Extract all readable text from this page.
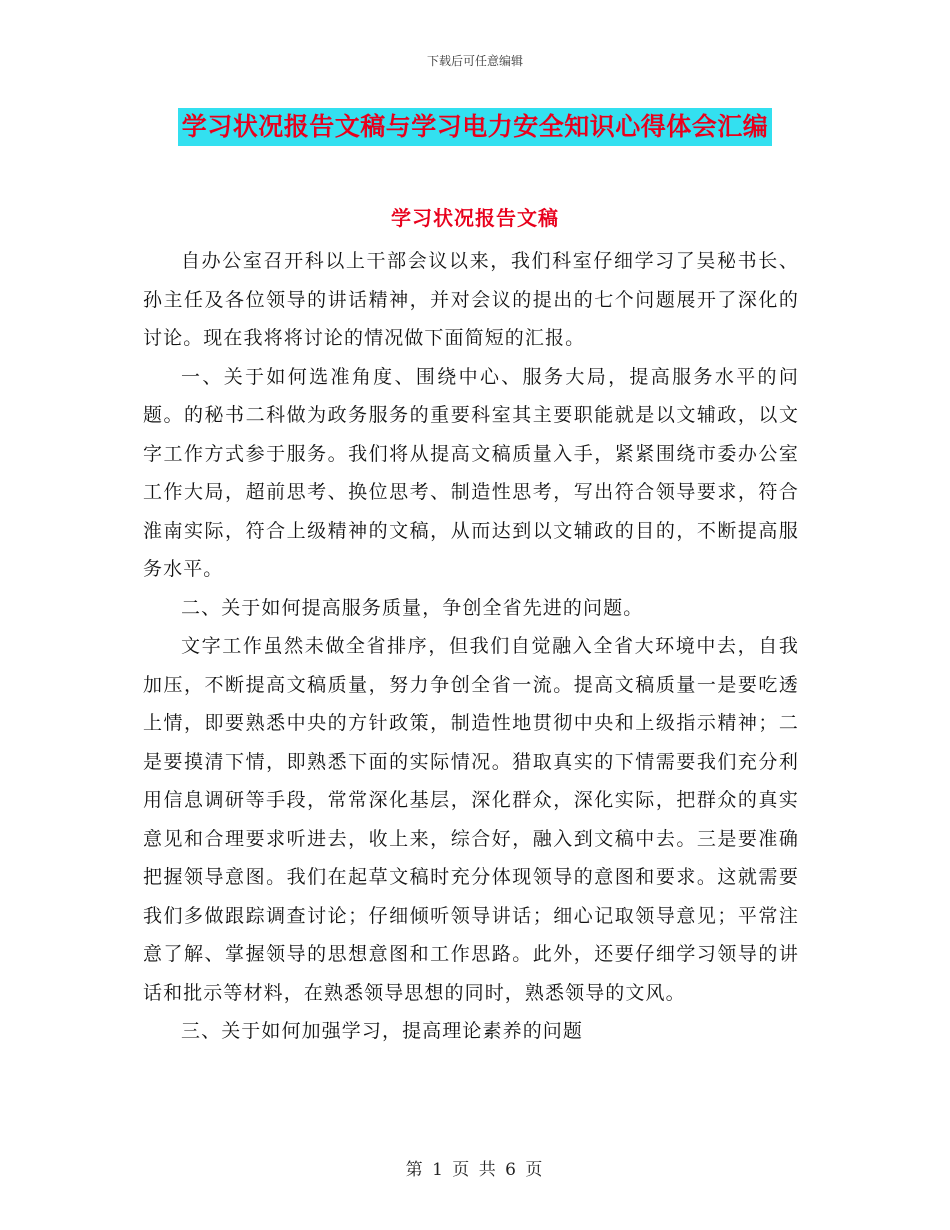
下载后可任意编辑
学习状况报告文稿与学习电力安全知识心得体会汇编
学习状况报告文稿

自办公室召开科以上干部会议以来，我们科室仔细学习了吴秘书长、孙主任及各位领导的讲话精神，并对会议的提出的七个问题展开了深化的讨论。现在我将将讨论的情况做下面简短的汇报。

一、关于如何选准角度、围绕中心、服务大局，提高服务水平的问题。的秘书二科做为政务服务的重要科室其主要职能就是以文辅政，以文字工作方式参于服务。我们将从提高文稿质量入手，紧紧围绕市委办公室工作大局，超前思考、换位思考、制造性思考，写出符合领导要求，符合淮南实际，符合上级精神的文稿，从而达到以文辅政的目的，不断提高服务水平。

二、关于如何提高服务质量，争创全省先进的问题。

文字工作虽然未做全省排序，但我们自觉融入全省大环境中去，自我加压，不断提高文稿质量，努力争创全省一流。提高文稿质量一是要吃透上情，即要熟悉中央的方针政策，制造性地贯彻中央和上级指示精神；二是要摸清下情，即熟悉下面的实际情况。猎取真实的下情需要我们充分利用信息调研等手段，常常深化基层，深化群众，深化实际，把群众的真实意见和合理要求听进去，收上来，综合好，融入到文稿中去。三是要准确把握领导意图。我们在起草文稿时充分体现领导的意图和要求。这就需要我们多做跟踪调查讨论；仔细倾听领导讲话；细心记取领导意见；平常注意了解、掌握领导的思想意图和工作思路。此外，还要仔细学习领导的讲话和批示等材料，在熟悉领导思想的同时，熟悉领导的文风。

三、关于如何加强学习，提高理论素养的问题

第 1 页 共 6 页
